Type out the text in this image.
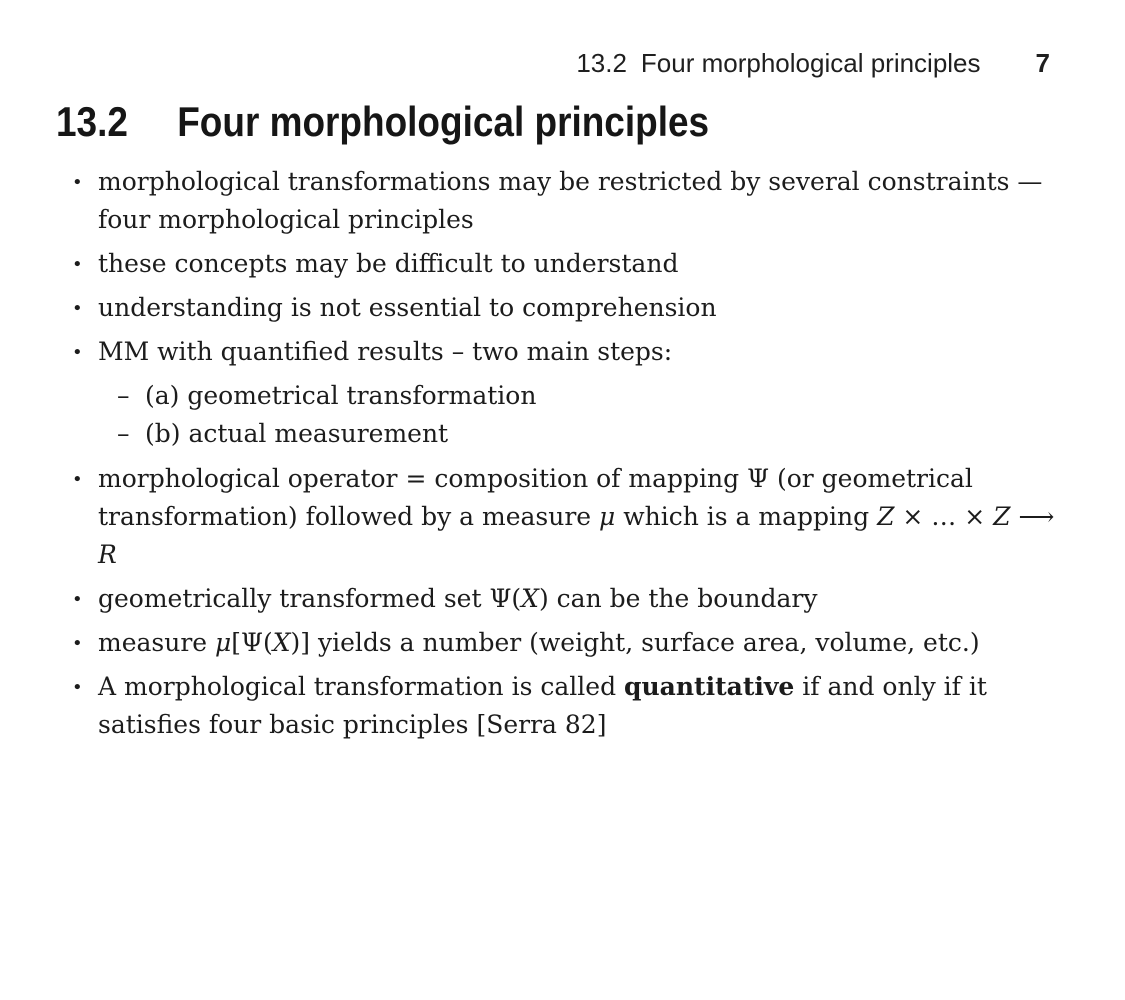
13.2 Four morphological principles 7
13.2 Four morphological principles
• morphological transformations may be restricted by several constraints — four morphological principles
• these concepts may be difficult to understand
• understanding is not essential to comprehension
• MM with quantified results – two main steps:
– (a) geometrical transformation
– (b) actual measurement
• morphological operator = composition of mapping Ψ (or geometrical transformation) followed by a measure μ which is a mapping Z × … × Z ⟶ R
• geometrically transformed set Ψ(X) can be the boundary
• measure μ[Ψ(X)] yields a number (weight, surface area, volume, etc.)
• A morphological transformation is called quantitative if and only if it satisfies four basic principles [Serra 82]
